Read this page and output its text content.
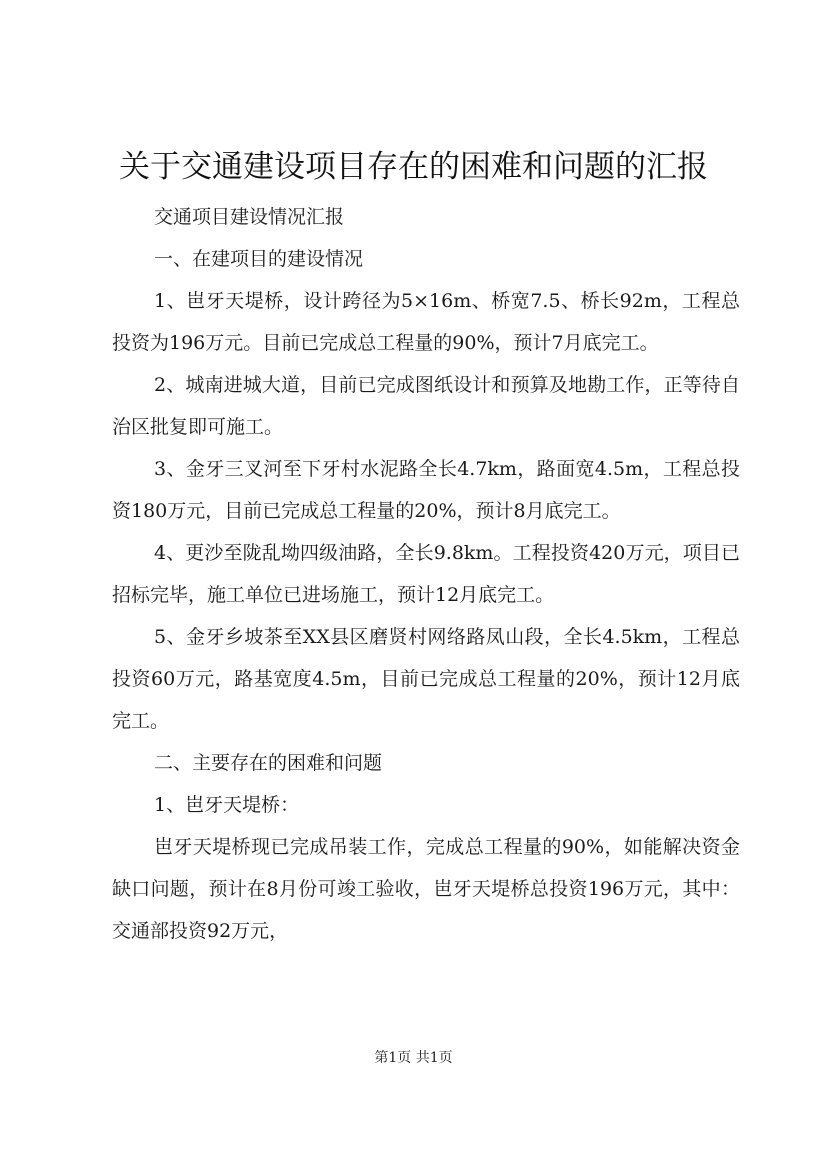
关于交通建设项目存在的困难和问题的汇报

交通项目建设情况汇报

一、在建项目的建设情况

1、岜牙天堤桥，设计跨径为5×16m、桥宽7.5、桥长92m，工程总投资为196万元。目前已完成总工程量的90%，预计7月底完工。

2、城南进城大道，目前已完成图纸设计和预算及地勘工作，正等待自治区批复即可施工。

3、金牙三叉河至下牙村水泥路全长4.7km，路面宽4.5m，工程总投资180万元，目前已完成总工程量的20%，预计8月底完工。

4、更沙至陇乱坳四级油路，全长9.8km。工程投资420万元，项目已招标完毕，施工单位已进场施工，预计12月底完工。

5、金牙乡坡茶至XX县区磨贤村网络路凤山段，全长4.5km，工程总投资60万元，路基宽度4.5m，目前已完成总工程量的20%，预计12月底完工。

二、主要存在的困难和问题

1、岜牙天堤桥：

岜牙天堤桥现已完成吊装工作，完成总工程量的90%，如能解决资金缺口问题，预计在8月份可竣工验收，岜牙天堤桥总投资196万元，其中：交通部投资92万元，

第1页 共1页
